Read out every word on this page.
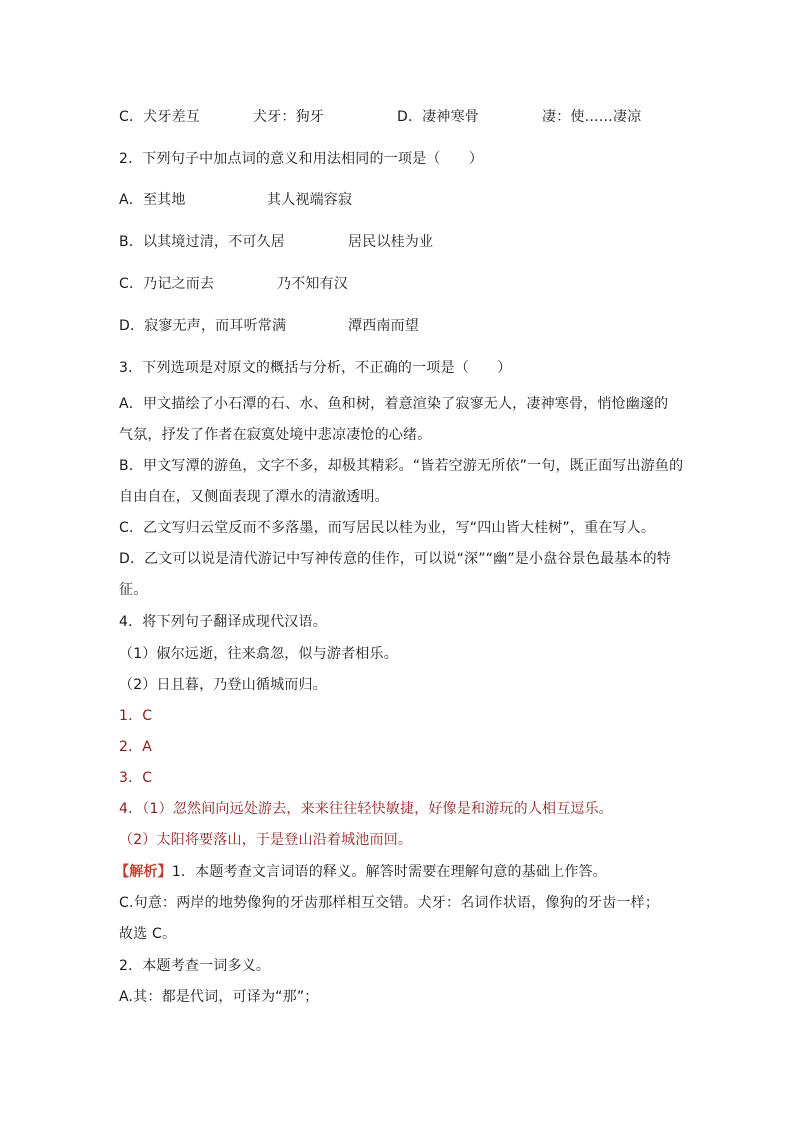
C．犬牙差互	犬牙：狗牙	D．凄神寒骨	凄：使……凄凉
2．下列句子中加点词的意义和用法相同的一项是（　　）
A．至其地	其人视端容寂
B．以其境过清，不可久居	居民以桂为业
C．乃记之而去	乃不知有汉
D．寂寥无声，而耳听常满	潭西南而望
3．下列选项是对原文的概括与分析，不正确的一项是（　　）
A．甲文描绘了小石潭的石、水、鱼和树，着意渲染了寂寥无人，凄神寒骨，悄怆幽邃的
气氛，抒发了作者在寂寞处境中悲凉凄怆的心绪。
B．甲文写潭的游鱼，文字不多，却极其精彩。“皆若空游无所依”一句，既正面写出游鱼的
自由自在，又侧面表现了潭水的清澈透明。
C．乙文写归云堂反而不多落墨，而写居民以桂为业，写“四山皆大桂树”，重在写人。
D．乙文可以说是清代游记中写神传意的佳作，可以说“深”“幽”是小盘谷景色最基本的特
征。
4．将下列句子翻译成现代汉语。
（1）俶尔远逝，往来翕忽，似与游者相乐。
（2）日且暮，乃登山循城而归。
1．C
2．A
3．C
4．（1）忽然间向远处游去，来来往往轻快敏捷，好像是和游玩的人相互逗乐。
（2）太阳将要落山，于是登山沿着城池而回。
【解析】1．本题考查文言词语的释义。解答时需要在理解句意的基础上作答。
C.句意：两岸的地势像狗的牙齿那样相互交错。犬牙：名词作状语，像狗的牙齿一样；
故选 C。
2．本题考查一词多义。
A.其：都是代词，可译为“那”；
